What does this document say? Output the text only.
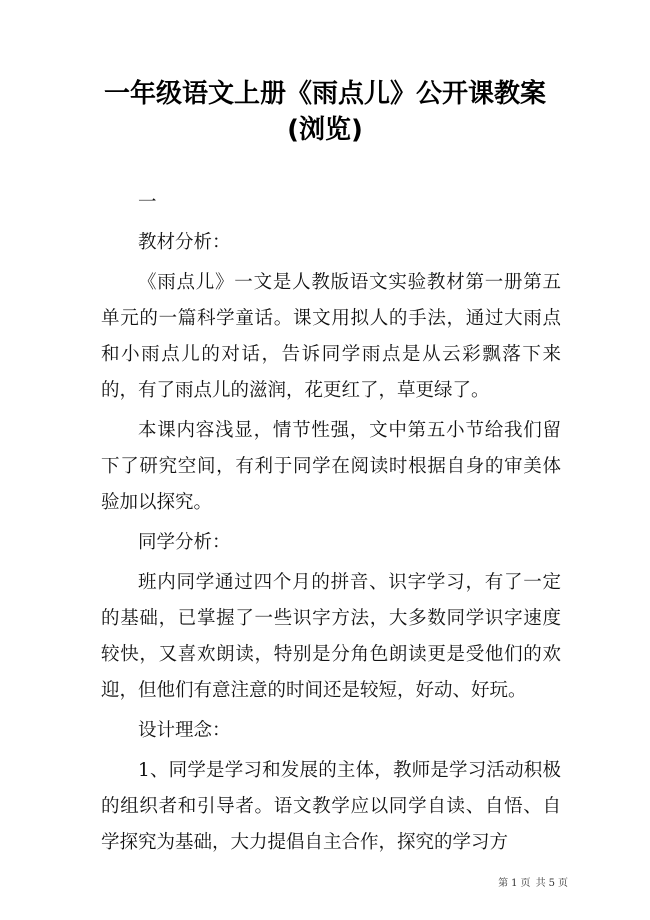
一年级语文上册《雨点儿》公开课教案(浏览)

一

教材分析：

《雨点儿》一文是人教版语文实验教材第一册第五单元的一篇科学童话。课文用拟人的手法，通过大雨点和小雨点儿的对话，告诉同学雨点是从云彩飘落下来的，有了雨点儿的滋润，花更红了，草更绿了。

本课内容浅显，情节性强，文中第五小节给我们留下了研究空间，有利于同学在阅读时根据自身的审美体验加以探究。

同学分析：

班内同学通过四个月的拼音、识字学习，有了一定的基础，已掌握了一些识字方法，大多数同学识字速度较快，又喜欢朗读，特别是分角色朗读更是受他们的欢迎，但他们有意注意的时间还是较短，好动、好玩。

设计理念：

1、同学是学习和发展的主体，教师是学习活动积极的组织者和引导者。语文教学应以同学自读、自悟、自学探究为基础，大力提倡自主合作，探究的学习方

第 1 页 共 5 页
